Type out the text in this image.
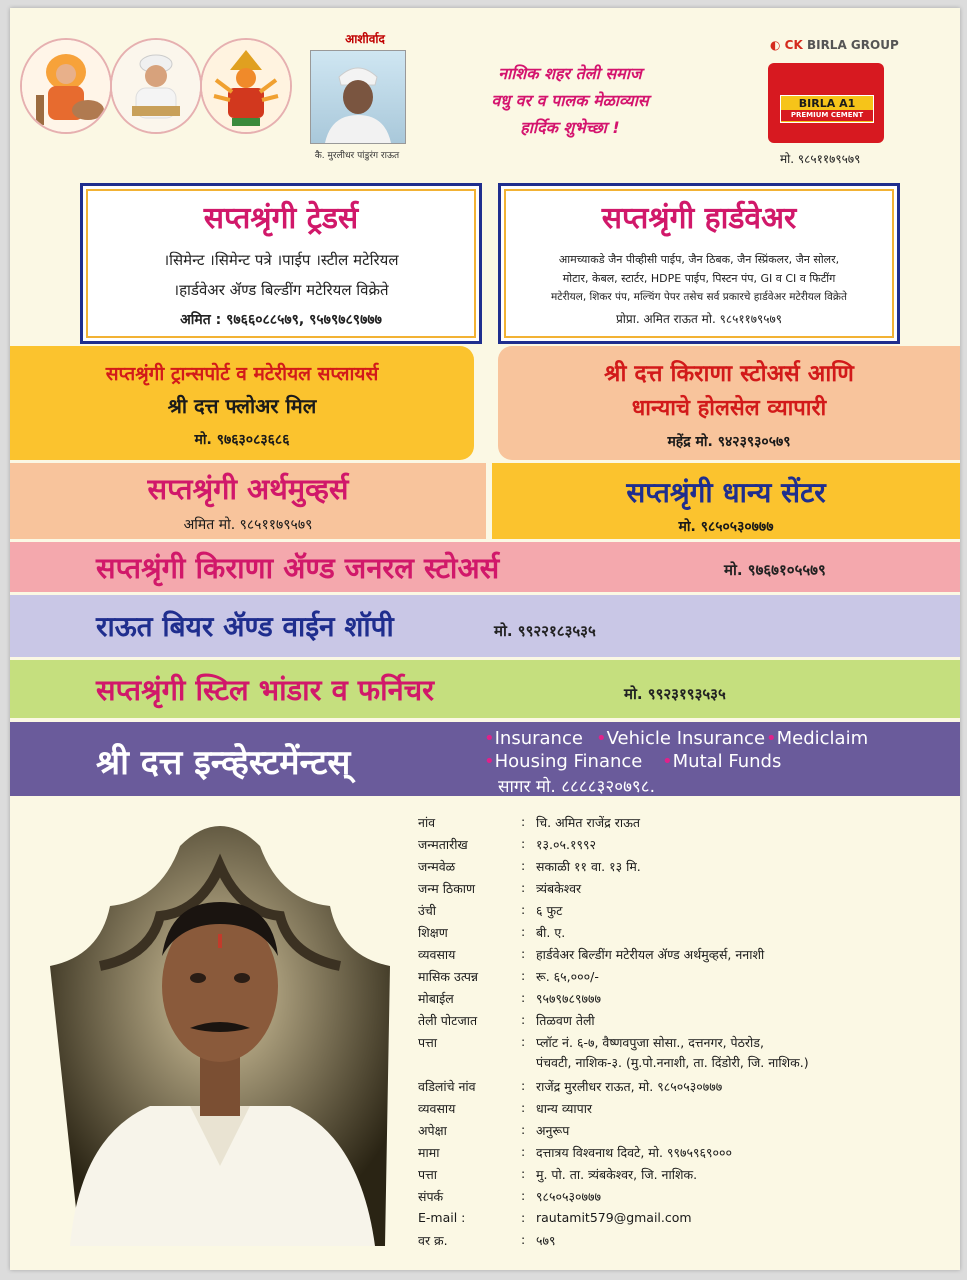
आशीर्वाद
कै. मुरलीधर पांडुरंग राऊत
नाशिक शहर तेली समाज
वधु वर व पालक मेळाव्यास
हार्दिक शुभेच्छा !
◐ CK BIRLA GROUP
BIRLA A1
PREMIUM CEMENT
मो. ९८५११७९५७९
सप्तश्रृंगी ट्रेडर्स
।सिमेन्ट ।सिमेन्ट पत्रे ।पाईप ।स्टील मटेरियल
।हार्डवेअर ॲण्ड बिल्डींग मटेरियल विक्रेते
अमित : ९७६६०८८५७९, ९५७९७८९७७७
सप्तश्रृंगी हार्डवेअर
आमच्याकडे जैन पीव्हीसी पाईप, जैन ठिबक, जैन स्प्रिंकलर, जैन सोलर,
मोटार, केबल, स्टार्टर, HDPE पाईप, पिस्टन पंप, GI व CI व फिटींग
मटेरीयल, शिकर पंप, मल्चिंग पेपर तसेच सर्व प्रकारचे हार्डवेअर मटेरीयल विक्रेते
प्रोप्रा. अमित राऊत मो. ९८५११७९५७९
सप्तश्रृंगी ट्रान्सपोर्ट व मटेरीयल सप्लायर्स
श्री दत्त फ्लोअर मिल
मो. ९७६३०८३६८६
श्री दत्त किराणा स्टोअर्स आणि
धान्याचे होलसेल व्यापारी
महेंद्र मो. ९४२३९३०५७९
सप्तश्रृंगी अर्थमुव्हर्स
अमित मो. ९८५११७९५७९
सप्तश्रृंगी धान्य सेंटर
मो. ९८५०५३०७७७
सप्तश्रृंगी किराणा ॲण्ड जनरल स्टोअर्स	मो. ९७६७१०५५७९
राऊत बियर ॲण्ड वाईन शॉपी	मो. ९९२२१८३५३५
सप्तश्रृंगी स्टिल भांडार व फर्निचर	मो. ९९२३१९३५३५
श्री दत्त इन्व्हेस्टमेंन्टस्
•Insurance •Vehicle Insurance •Mediclaim
•Housing Finance •Mutal Funds
सागर मो. ८८८८३२०७९८.
नांव	: चि. अमित राजेंद्र राऊत
जन्मतारीख	: १३.०५.१९९२
जन्मवेळ	: सकाळी ११ वा. १३ मि.
जन्म ठिकाण	: त्र्यंबकेश्वर
उंची	: ६ फुट
शिक्षण	: बी. ए.
व्यवसाय	: हार्डवेअर बिल्डींग मटेरीयल ॲण्ड अर्थमुव्हर्स, ननाशी
मासिक उत्पन्न	: रू. ६५,०००/-
मोबाईल	: ९५७९७८९७७७
तेली पोटजात	: तिळवण तेली
पत्ता	: प्लॉट नं. ६-७, वैष्णवपुजा सोसा., दत्तनगर, पेठरोड,
पंचवटी, नाशिक-३. (मु.पो.ननाशी, ता. दिंडोरी, जि. नाशिक.)
वडिलांचे नांव	: राजेंद्र मुरलीधर राऊत, मो. ९८५०५३०७७७
व्यवसाय	: धान्य व्यापार
अपेक्षा	: अनुरूप
मामा	: दत्तात्रय विश्वनाथ दिवटे, मो. ९९७५९६९०००
पत्ता	: मु. पो. ता. त्र्यंबकेश्वर, जि. नाशिक.
संपर्क	: ९८५०५३०७७७
E-mail :	: rautamit579@gmail.com
वर क्र.	: ५७९
